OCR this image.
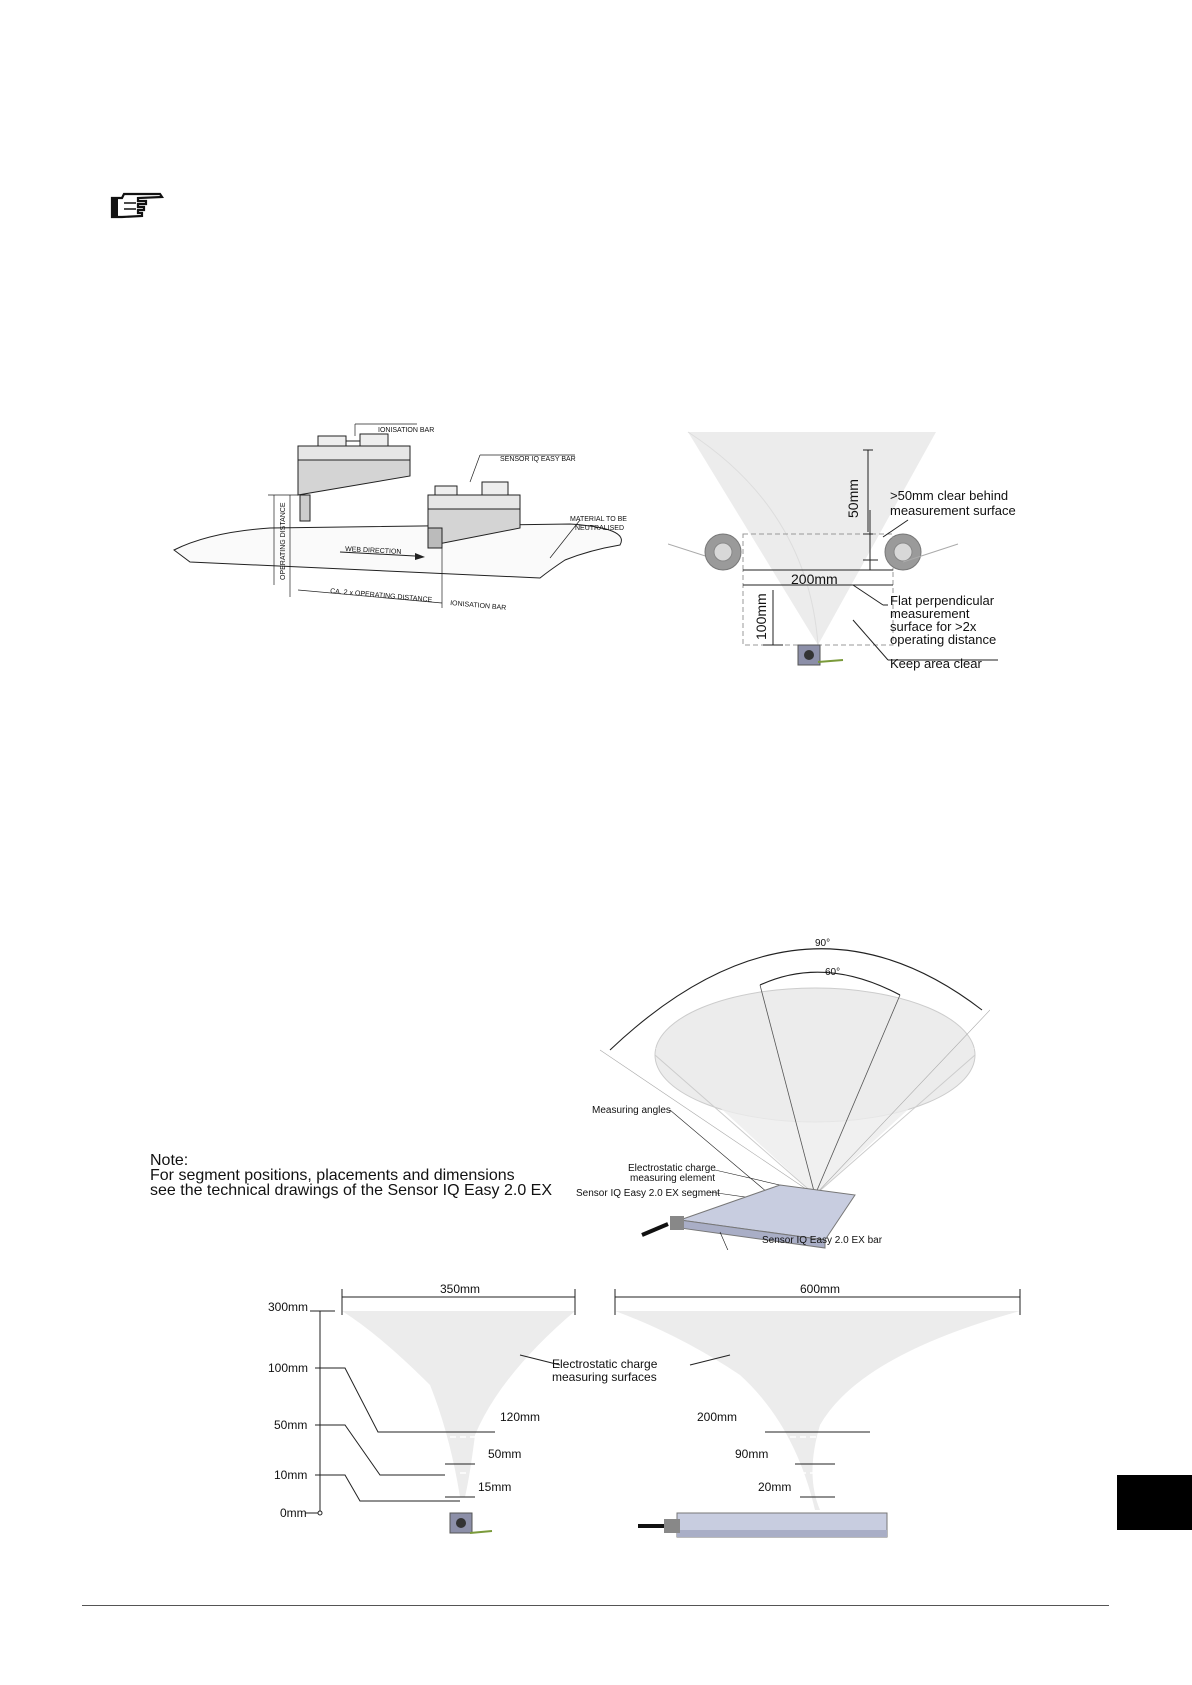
IONISATION BAR
SENSOR IQ EASY BAR
MATERIAL TO BE
NEUTRALISED
OPERATING DISTANCE	WEB DIRECTION
CA. 2 x OPERATING DISTANCE
IONISATION BAR
50mm
200mm
100mm
>50mm clear behind
measurement surface
Flat perpendicular
measurement
surface for >2x
operating distance
Keep area clear
90°
60°
Measuring angles
Electrostatic charge
measuring element
Sensor IQ Easy 2.0 EX segment
Sensor IQ Easy 2.0 EX bar
Note:
For segment positions, placements and dimensions
see the technical drawings of the Sensor IQ Easy 2.0 EX
300mm
100mm
50mm
10mm
0mm
350mm	600mm
120mm	200mm
50mm	90mm
15mm	20mm
Electrostatic charge
measuring surfaces
